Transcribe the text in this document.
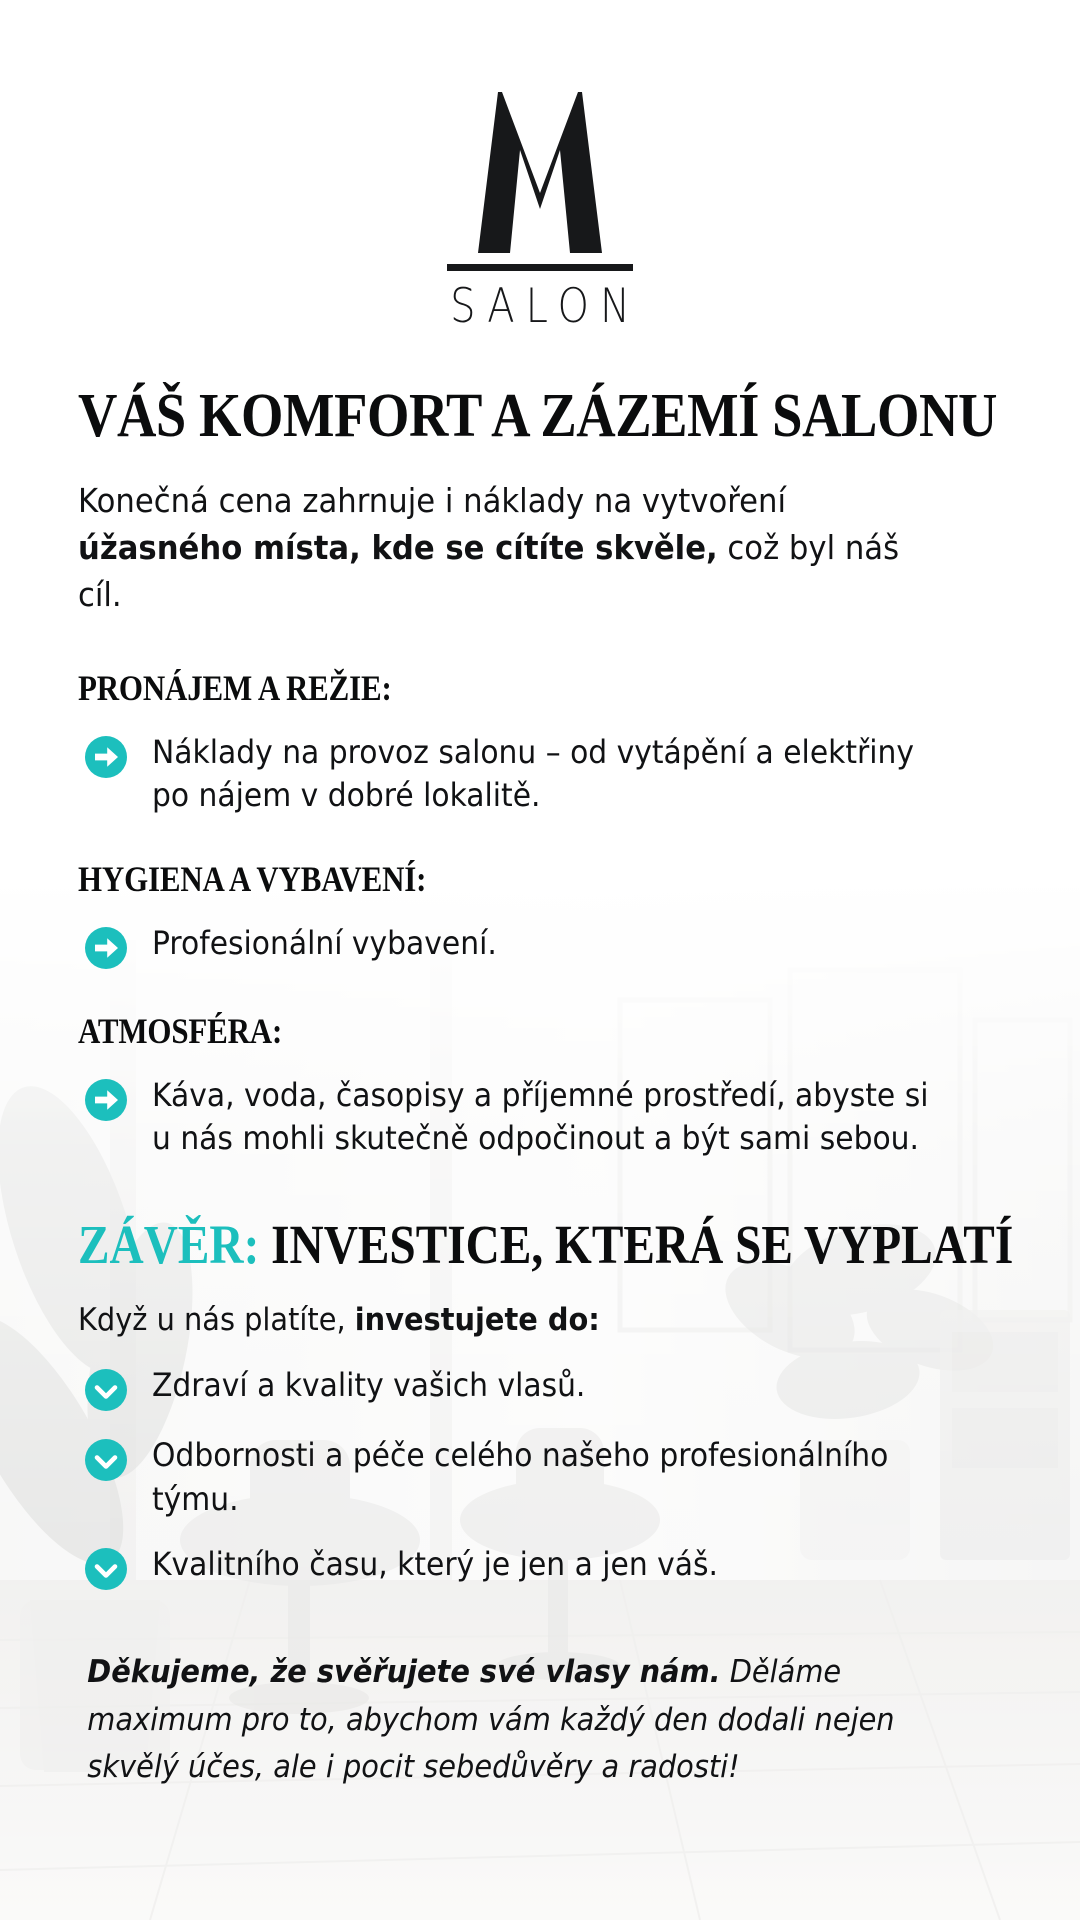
SALON
VÁŠ KOMFORT A ZÁZEMÍ SALONU

Konečná cena zahrnuje i náklady na vytvoření úžasného místa, kde se cítíte skvěle, což byl náš cíl.

PRONÁJEM A REŽIE:
Náklady na provoz salonu – od vytápění a elektřiny po nájem v dobré lokalitě.
HYGIENA A VYBAVENÍ:
Profesionální vybavení.
ATMOSFÉRA:
Káva, voda, časopisy a příjemné prostředí, abyste si u nás mohli skutečně odpočinout a být sami sebou.
ZÁVĚR: INVESTICE, KTERÁ SE VYPLATÍ

Když u nás platíte, investujete do:

Zdraví a kvality vašich vlasů.
Odbornosti a péče celého našeho profesionálního týmu.
Kvalitního času, který je jen a jen váš.

Děkujeme, že svěřujete své vlasy nám. Děláme maximum pro to, abychom vám každý den dodali nejen skvělý účes, ale i pocit sebedůvěry a radosti!
